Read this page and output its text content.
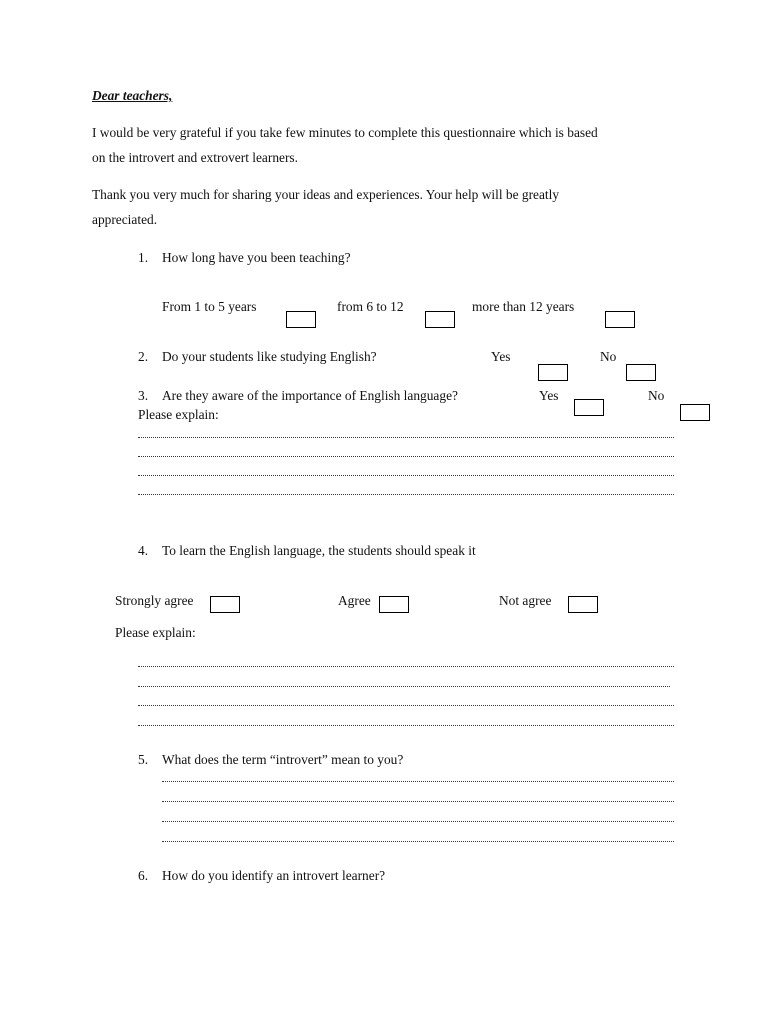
Dear teachers,
I would be very grateful if you take few minutes to complete this questionnaire which is based
on the introvert and extrovert learners.
Thank you very much for sharing your ideas and experiences. Your help will be greatly
appreciated.
1. How long have you been teaching?
From 1 to 5 years	from 6 to 12	more than 12 years
2. Do your students like studying English?	Yes	No
3. Are they aware of the importance of English language?	Yes	No
Please explain:
4. To learn the English language, the students should speak it
Strongly agree	Agree	Not agree
Please explain:
5. What does the term “introvert” mean to you?
6. How do you identify an introvert learner?
